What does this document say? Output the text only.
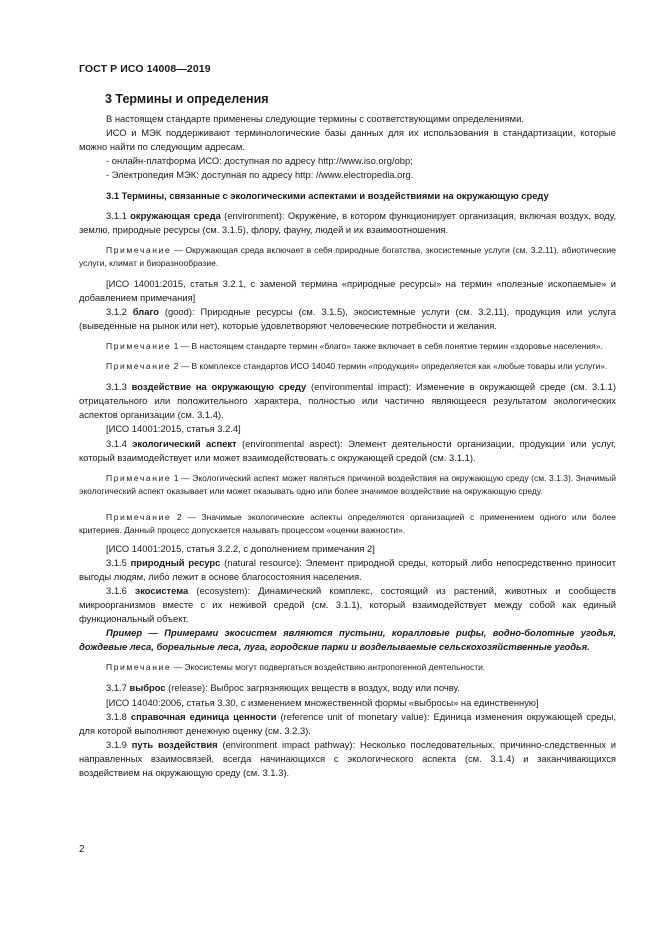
ГОСТ Р ИСО 14008—2019
3 Термины и определения

В настоящем стандарте применены следующие термины с соответствующими определениями.

ИСО и МЭК поддерживают терминологические базы данных для их использования в стандартизации, которые можно найти по следующим адресам.

- онлайн-платформа ИСО: доступная по адресу http://www.iso.org/obp;

- Электропедия МЭК: доступная по адресу http: //www.electropedia.org.

3.1 Термины, связанные с экологическими аспектами и воздействиями на окружающую среду

3.1.1 окружающая среда (environment): Окружение, в котором функционирует организация, включая воздух, воду, землю, природные ресурсы (см. 3.1.5), флору, фауну, людей и их взаимоотношения.

Примечание — Окружающая среда включает в себя природные богатства, экосистемные услуги (см. 3.2.11), абиотические услуги, климат и биоразнообразие.

[ИСО 14001:2015, статья 3.2.1, с заменой термина «природные ресурсы» на термин «полезные ископаемые» и добавлением примечания]

3.1.2 благо (good): Природные ресурсы (см. 3.1.5), экосистемные услуги (см. 3.2.11), продукция или услуга (выведенные на рынок или нет), которые удовлетворяют человеческие потребности и желания.

Примечание 1 — В настоящем стандарте термин «благо» также включает в себя понятие термин «здоровье населения».

Примечание 2 — В комплексе стандартов ИСО 14040 термин «продукция» определяется как «любые товары или услуги».

3.1.3 воздействие на окружающую среду (environmental impact): Изменение в окружающей среде (см. 3.1.1) отрицательного или положительного характера, полностью или частично являющееся результатом экологических аспектов организации (см. 3.1.4).

[ИСО 14001:2015, статья 3.2.4]

3.1.4 экологический аспект (environmental aspect): Элемент деятельности организации, продукции или услуг, который взаимодействует или может взаимодействовать с окружающей средой (см. 3.1.1).

Примечание 1 — Экологический аспект может являться причиной воздействия на окружающую среду (см. 3.1.3). Значимый экологический аспект оказывает или может оказывать одно или более значимое воздействие на окружающую среду.

Примечание 2 — Значимые экологические аспекты определяются организацией с применением одного или более критериев. Данный процесс допускается называть процессом «оценки важности».

[ИСО 14001:2015, статья 3.2.2, с дополнением примечания 2]

3.1.5 природный ресурс (natural resource): Элемент природной среды, который либо непосредственно приносит выгоды людям, либо лежит в основе благосостояния населения.

3.1.6 экосистема (ecosystem): Динамический комплекс, состоящий из растений, животных и сообществ микроорганизмов вместе с их неживой средой (см. 3.1.1), который взаимодействует между собой как единый функциональный объект.

Пример — Примерами экосистем являются пустыни, коралловые рифы, водно-болотные угодья, дождевые леса, бореальные леса, луга, городские парки и возделываемые сельскохозяйственные угодья.

Примечание — Экосистемы могут подвергаться воздействию антропогенной деятельности.

3.1.7 выброс (release): Выброс загрязняющих веществ в воздух, воду или почву.

[ИСО 14040:2006, статья 3.30, с изменением множественной формы «выбросы» на единственную]

3.1.8 справочная единица ценности (reference unit of monetary value): Единица изменения окружающей среды, для которой выполняют денежную оценку (см. 3.2.3).

3.1.9 путь воздействия (environment impact pathway): Несколько последовательных, причинно-следственных и направленных взаимосвязей, всегда начинающихся с экологического аспекта (см. 3.1.4) и заканчивающихся воздействием на окружающую среду (см. 3.1.3).

2
